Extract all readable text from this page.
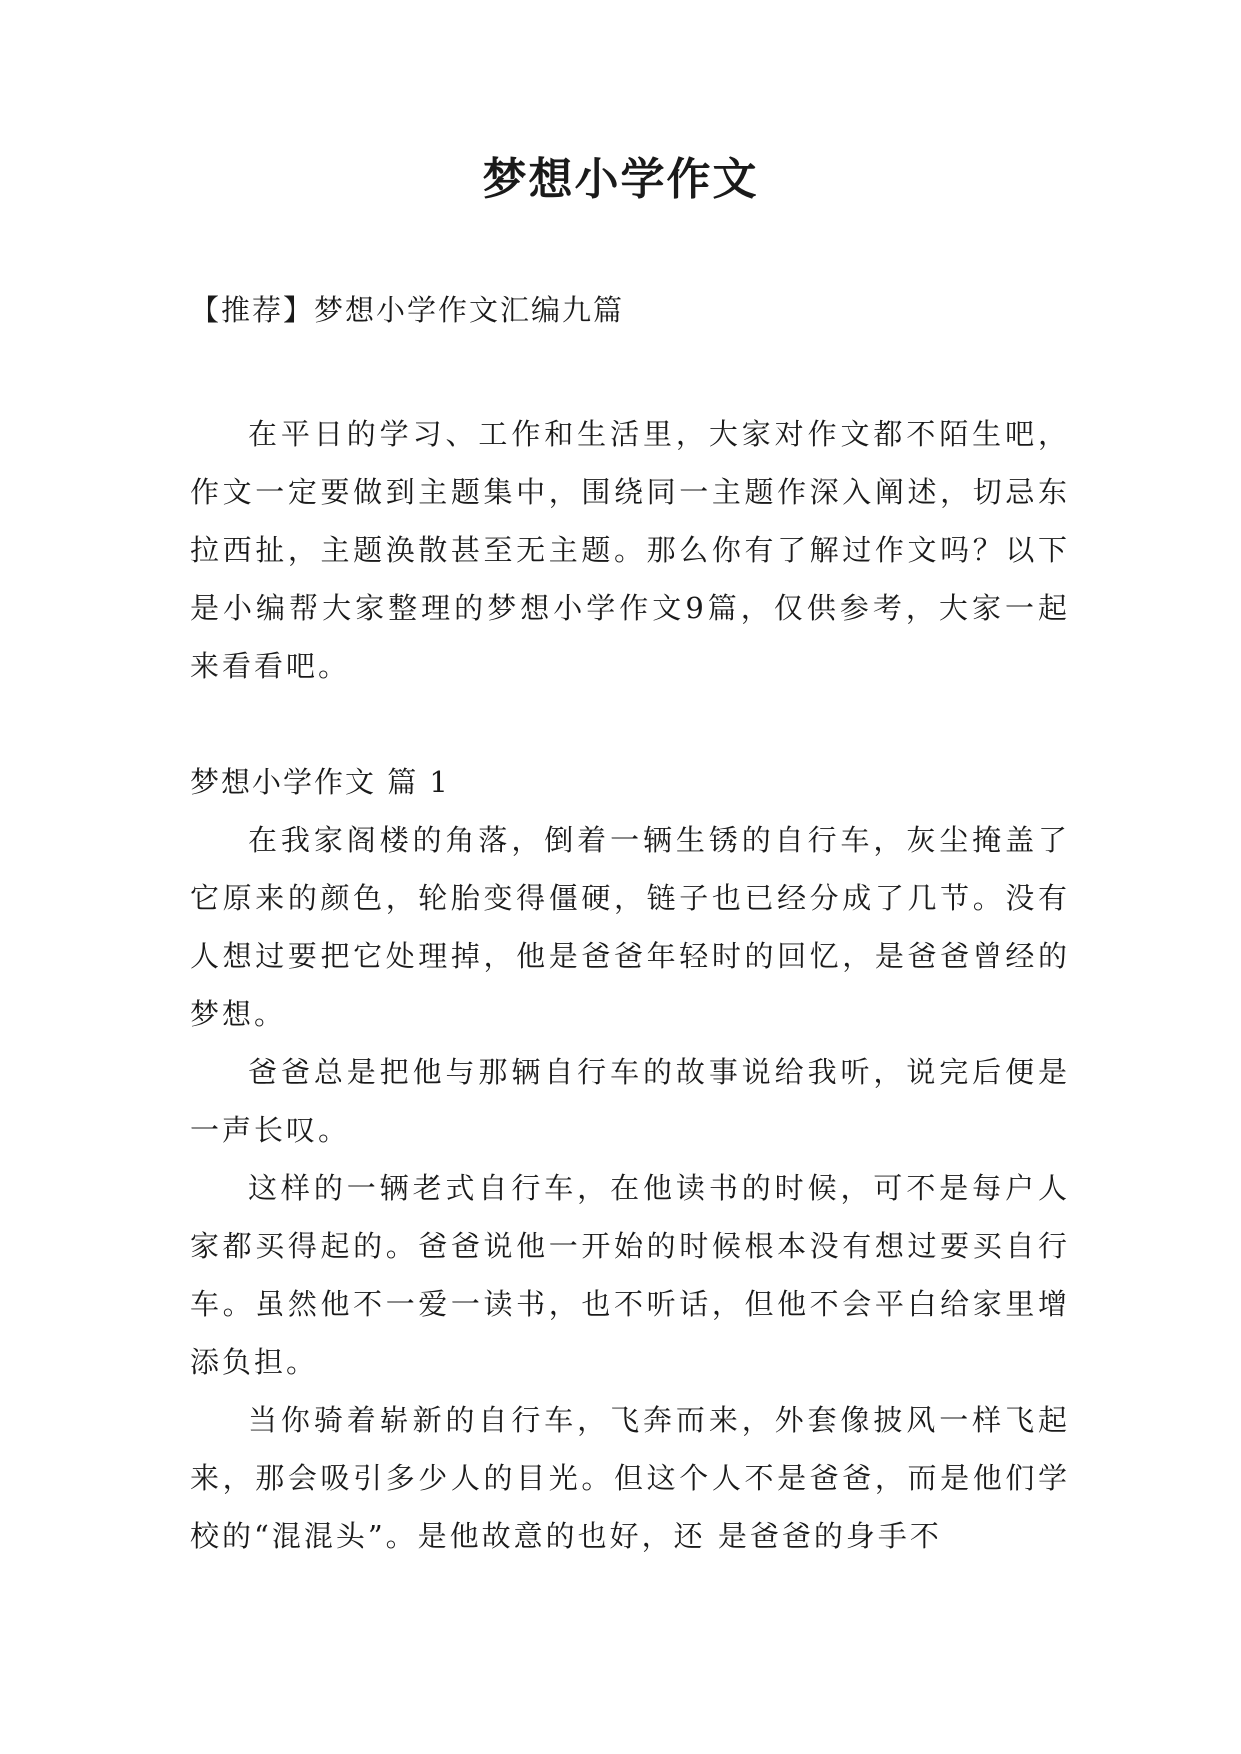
梦想小学作文
【推荐】梦想小学作文汇编九篇

在平日的学习、工作和生活里，大家对作文都不陌生吧，作文一定要做到主题集中，围绕同一主题作深入阐述，切忌东拉西扯，主题涣散甚至无主题。那么你有了解过作文吗？以下是小编帮大家整理的梦想小学作文9篇，仅供参考，大家一起来看看吧。

梦想小学作文 篇 1

在我家阁楼的角落，倒着一辆生锈的自行车，灰尘掩盖了它原来的颜色，轮胎变得僵硬，链子也已经分成了几节。没有人想过要把它处理掉，他是爸爸年轻时的回忆，是爸爸曾经的梦想。

爸爸总是把他与那辆自行车的故事说给我听，说完后便是一声长叹。

这样的一辆老式自行车，在他读书的时候，可不是每户人家都买得起的。爸爸说他一开始的时候根本没有想过要买自行车。虽然他不一爱一读书，也不听话，但他不会平白给家里增添负担。

当你骑着崭新的自行车，飞奔而来，外套像披风一样飞起来，那会吸引多少人的目光。但这个人不是爸爸，而是他们学校的“混混头”。是他故意的也好，还 是爸爸的身手不
